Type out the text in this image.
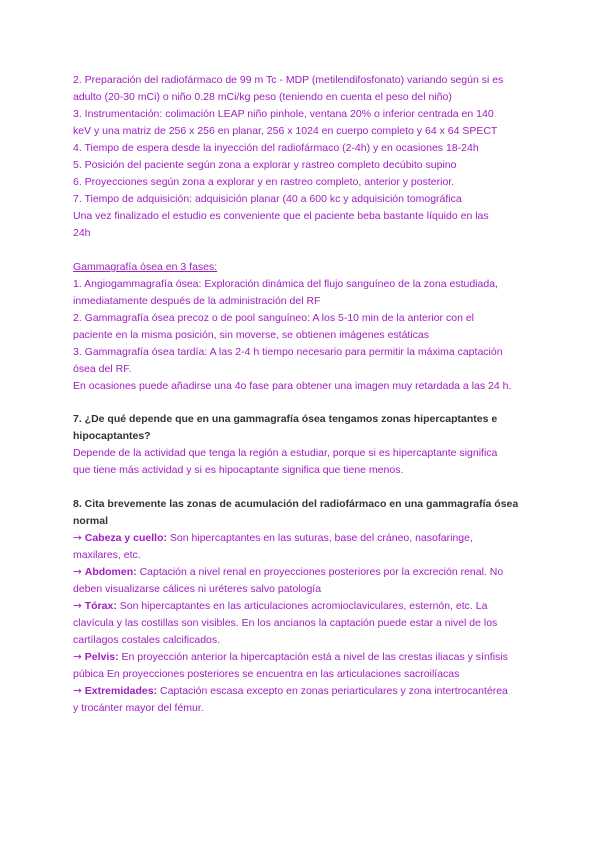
2. Preparación del radiofármaco de 99 m Tc - MDP (metilendifosfonato) variando según si es
adulto (20-30 mCi) o niño 0.28 mCi/kg peso (teniendo en cuenta el peso del niño)
3. Instrumentación: colimación LEAP niño pinhole, ventana 20% o inferior centrada en 140
keV y una matriz de 256 x 256 en planar, 256 x 1024 en cuerpo completo y 64 x 64 SPECT
4. Tiempo de espera desde la inyección del radiofármaco (2-4h) y en ocasiones 18-24h
5. Posición del paciente según zona a explorar y rastreo completo decúbito supino
6. Proyecciones según zona a explorar y en rastreo completo, anterior y posterior.
7. Tiempo de adquisición: adquisición planar (40 a 600 kc y adquisición tomográfica
Una vez finalizado el estudio es conveniente que el paciente beba bastante líquido en las
24h
Gammagrafía ósea en 3 fases:
1. Angiogammagrafía ósea: Exploración dinámica del flujo sanguíneo de la zona estudiada,
inmediatamente después de la administración del RF
2. Gammagrafía ósea precoz o de pool sanguíneo: A los 5-10 min de la anterior con el
paciente en la misma posición, sin moverse, se obtienen imágenes estáticas
3. Gammagrafía ósea tardía: A las 2-4 h tiempo necesario para permitir la máxima captación
ósea del RF.
En ocasiones puede añadirse una 4o fase para obtener una imagen muy retardada a las 24 h.
7. ¿De qué depende que en una gammagrafía ósea tengamos zonas hipercaptantes e
hipocaptantes?
Depende de la actividad que tenga la región a estudiar, porque si es hipercaptante significa
que tiene más actividad y si es hipocaptante significa que tiene menos.
8. Cita brevemente las zonas de acumulación del radiofármaco en una gammagrafía ósea
normal
→ Cabeza y cuello: Son hipercaptantes en las suturas, base del cráneo, nasofaringe,
maxilares, etc.
→ Abdomen: Captación a nivel renal en proyecciones posteriores por la excreción renal. No
deben visualizarse cálices ni uréteres salvo patología
→ Tórax: Son hipercaptantes en las articulaciones acromioclaviculares, esternón, etc. La
clavícula y las costillas son visibles. En los ancianos la captación puede estar a nivel de los
cartílagos costales calcificados.
→ Pelvis: En proyección anterior la hipercaptación está a nivel de las crestas iliacas y sínfisis
púbica En proyecciones posteriores se encuentra en las articulaciones sacroilíacas
→ Extremidades: Captación escasa excepto en zonas periarticulares y zona intertrocantérea
y trocánter mayor del fémur.
